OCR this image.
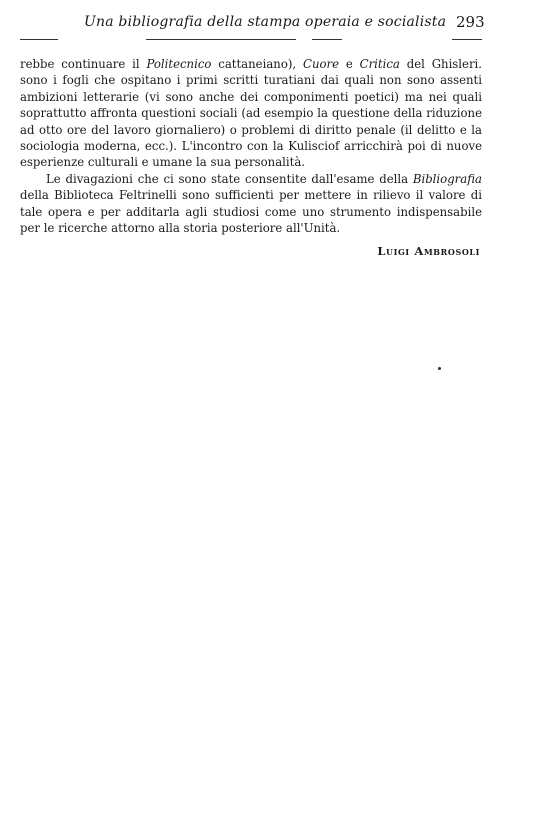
Una bibliografia della stampa operaia e socialista 293

rebbe continuare il Politecnico cattaneiano), Cuore e Critica del Ghisleri. sono i fogli che ospitano i primi scritti turatiani dai quali non sono assenti ambizioni letterarie (vi sono anche dei componimenti poetici) ma nei quali soprattutto affronta questioni sociali (ad esempio la questione della riduzione ad otto ore del lavoro giornaliero) o problemi di diritto penale (il delitto e la sociologia moderna, ecc.). L'incontro con la Kulisciof arricchirà poi di nuove esperienze culturali e umane la sua personalità.

Le divagazioni che ci sono state consentite dall'esame della Bibliografia della Biblioteca Feltrinelli sono sufficienti per mettere in rilievo il valore di tale opera e per additarla agli studiosi come uno strumento indispensabile per le ricerche attorno alla storia posteriore all'Unità.

Luigi Ambrosoli
